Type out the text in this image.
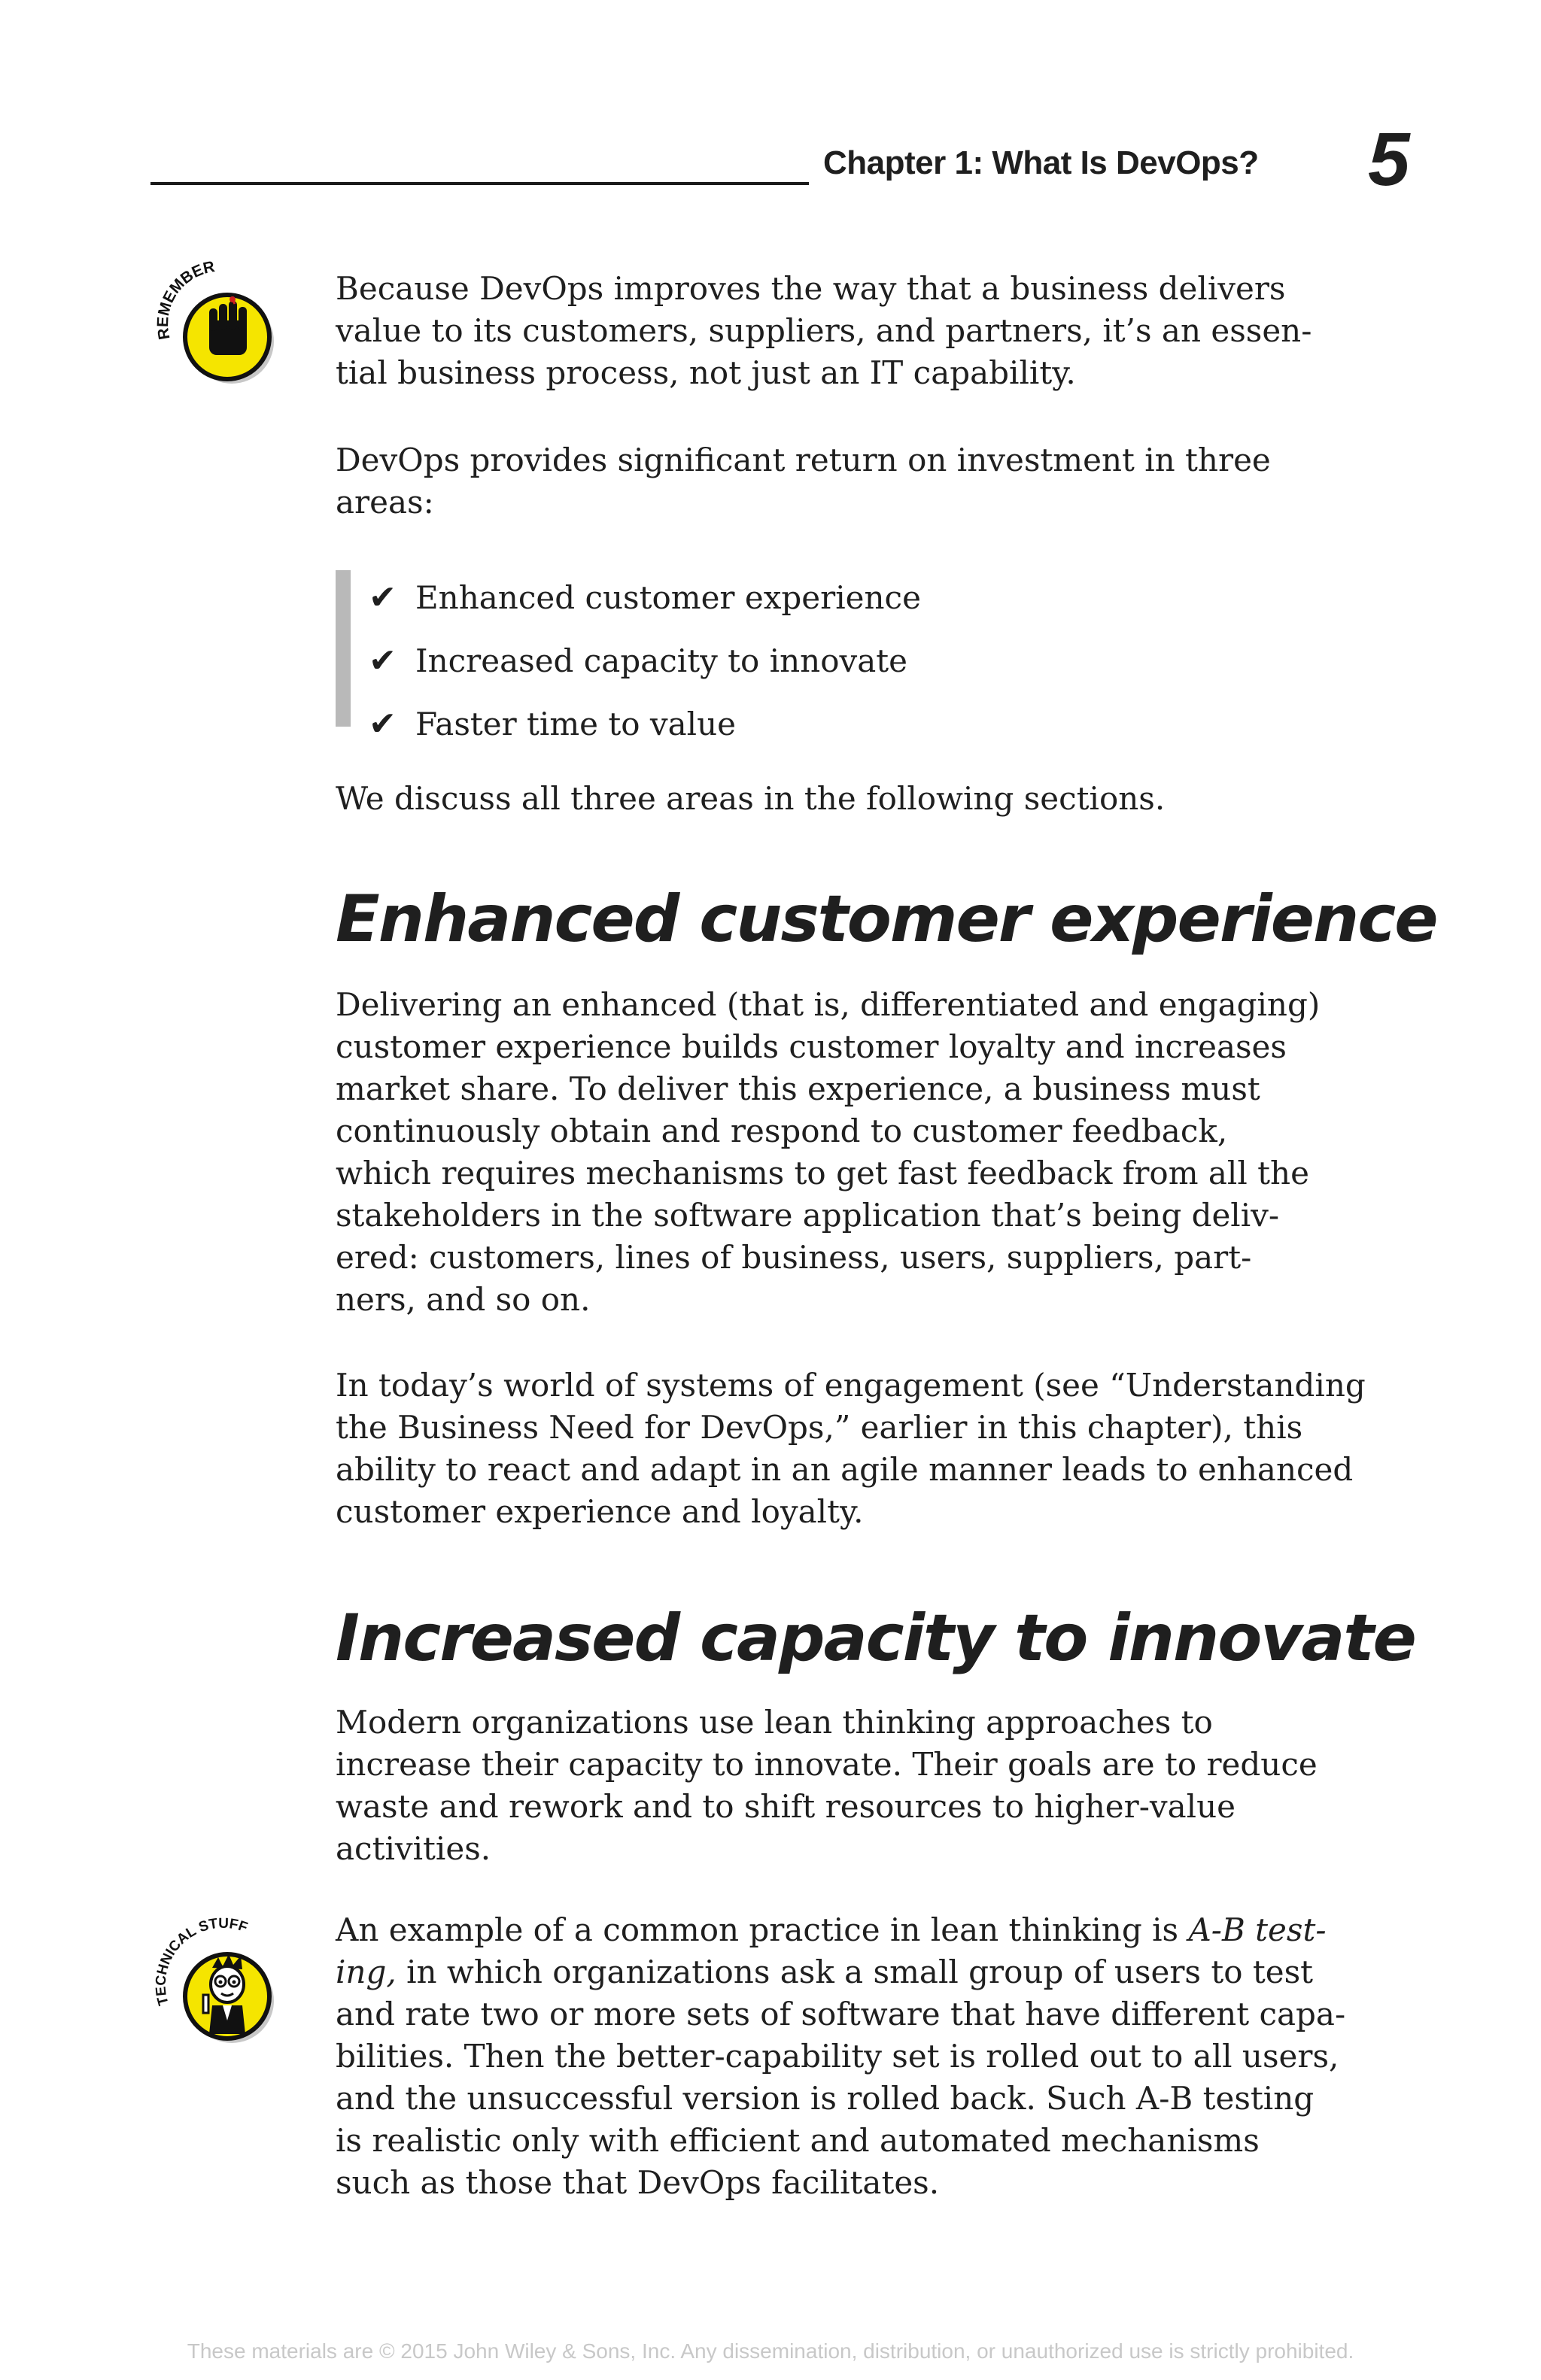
Chapter 1: What Is DevOps? 5
REMEMBER

Because DevOps improves the way that a business delivers
value to its customers, suppliers, and partners, it’s an essen-
tial business process, not just an IT capability.

DevOps provides significant return on investment in three
areas:

✔ Enhanced customer experience
✔ Increased capacity to innovate
✔ Faster time to value

We discuss all three areas in the following sections.

Enhanced customer experience

Delivering an enhanced (that is, differentiated and engaging)
customer experience builds customer loyalty and increases
market share. To deliver this experience, a business must
continuously obtain and respond to customer feedback,
which requires mechanisms to get fast feedback from all the
stakeholders in the software application that’s being deliv-
ered: customers, lines of business, users, suppliers, part-
ners, and so on.

In today’s world of systems of engagement (see “Understanding
the Business Need for DevOps,” earlier in this chapter), this
ability to react and adapt in an agile manner leads to enhanced
customer experience and loyalty.

Increased capacity to innovate

Modern organizations use lean thinking approaches to
increase their capacity to innovate. Their goals are to reduce
waste and rework and to shift resources to higher-value
activities.

TECHNICAL STUFF	An example of a common practice in lean thinking is A-B test-
ing, in which organizations ask a small group of users to test
and rate two or more sets of software that have different capa-
bilities. Then the better-capability set is rolled out to all users,
and the unsuccessful version is rolled back. Such A-B testing
is realistic only with efficient and automated mechanisms
such as those that DevOps facilitates.

These materials are © 2015 John Wiley & Sons, Inc. Any dissemination, distribution, or unauthorized use is strictly prohibited.
